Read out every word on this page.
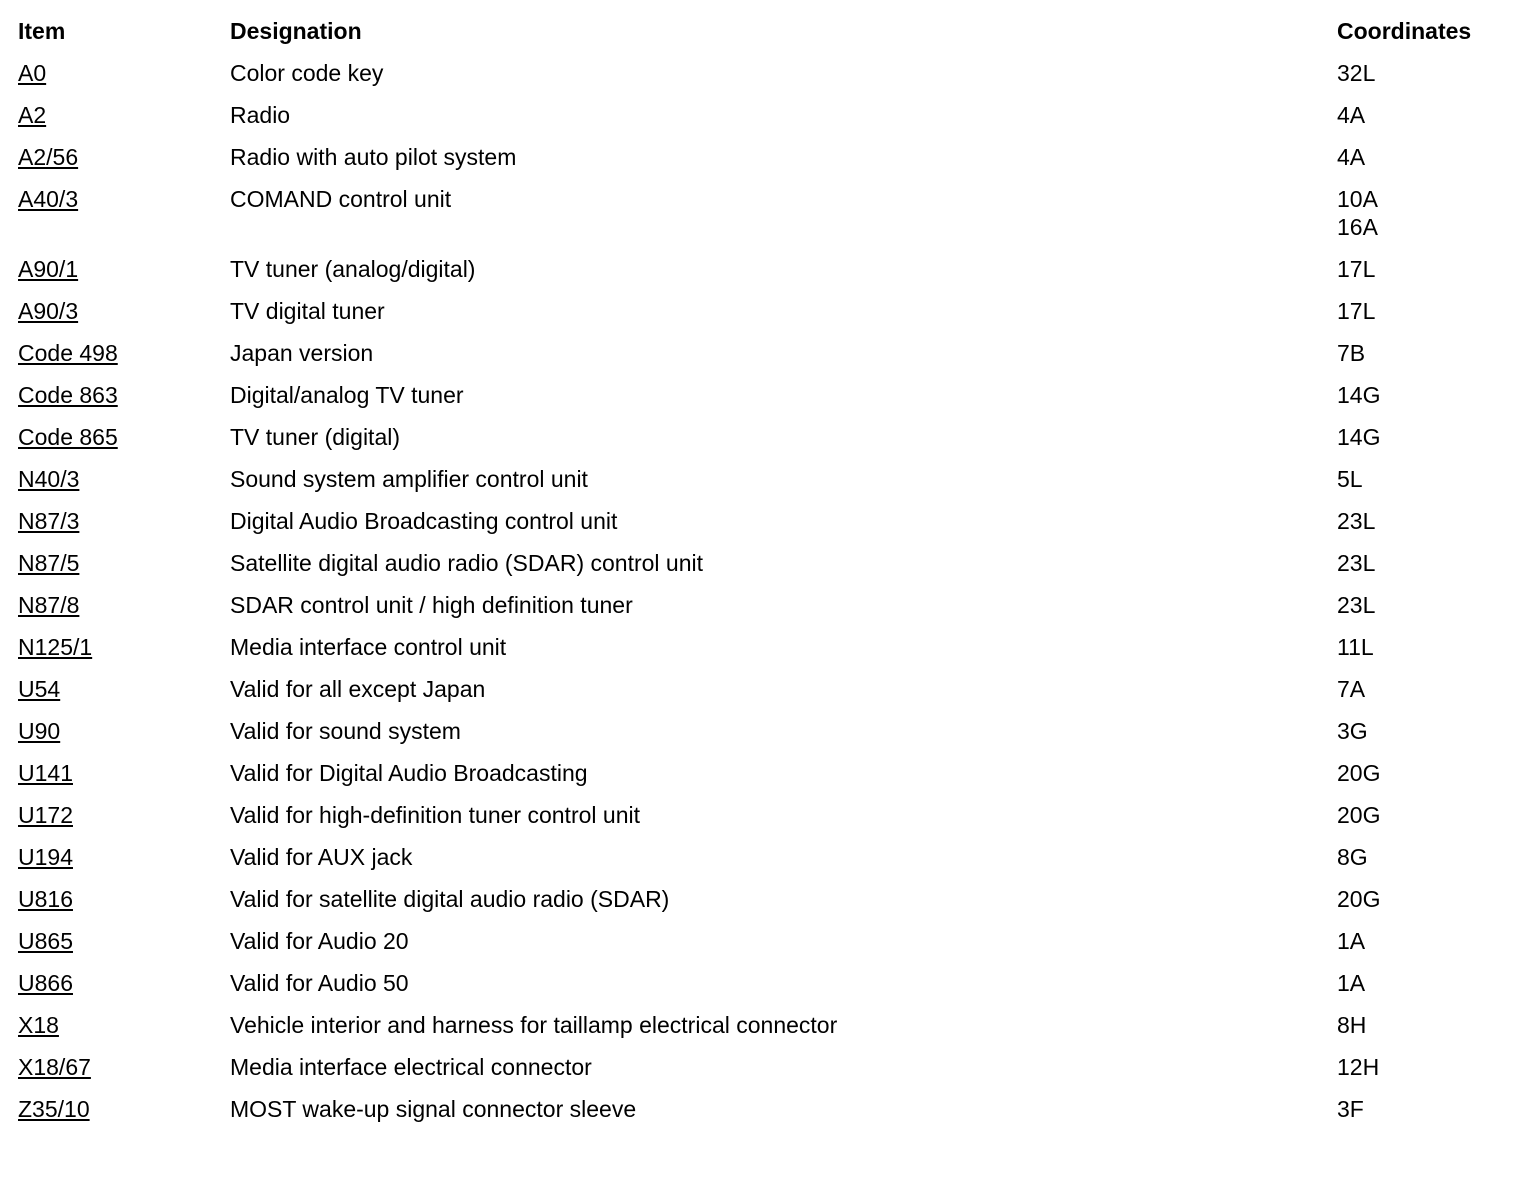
Item	Designation	Coordinates
A0	Color code key	32L

A2	Radio	4A

A2/56	Radio with auto pilot system	4A

A40/3	COMAND control unit	10A
16A

A90/1	TV tuner (analog/digital)	17L

A90/3	TV digital tuner	17L

Code 498	Japan version	7B

Code 863	Digital/analog TV tuner	14G

Code 865	TV tuner (digital)	14G

N40/3	Sound system amplifier control unit	5L

N87/3	Digital Audio Broadcasting control unit	23L

N87/5	Satellite digital audio radio (SDAR) control unit	23L

N87/8	SDAR control unit / high definition tuner	23L

N125/1	Media interface control unit	11L

U54	Valid for all except Japan	7A

U90	Valid for sound system	3G

U141	Valid for Digital Audio Broadcasting	20G

U172	Valid for high-definition tuner control unit	20G

U194	Valid for AUX jack	8G

U816	Valid for satellite digital audio radio (SDAR)	20G

U865	Valid for Audio 20	1A

U866	Valid for Audio 50	1A

X18	Vehicle interior and harness for taillamp electrical connector	8H

X18/67	Media interface electrical connector	12H

Z35/10	MOST wake-up signal connector sleeve	3F
